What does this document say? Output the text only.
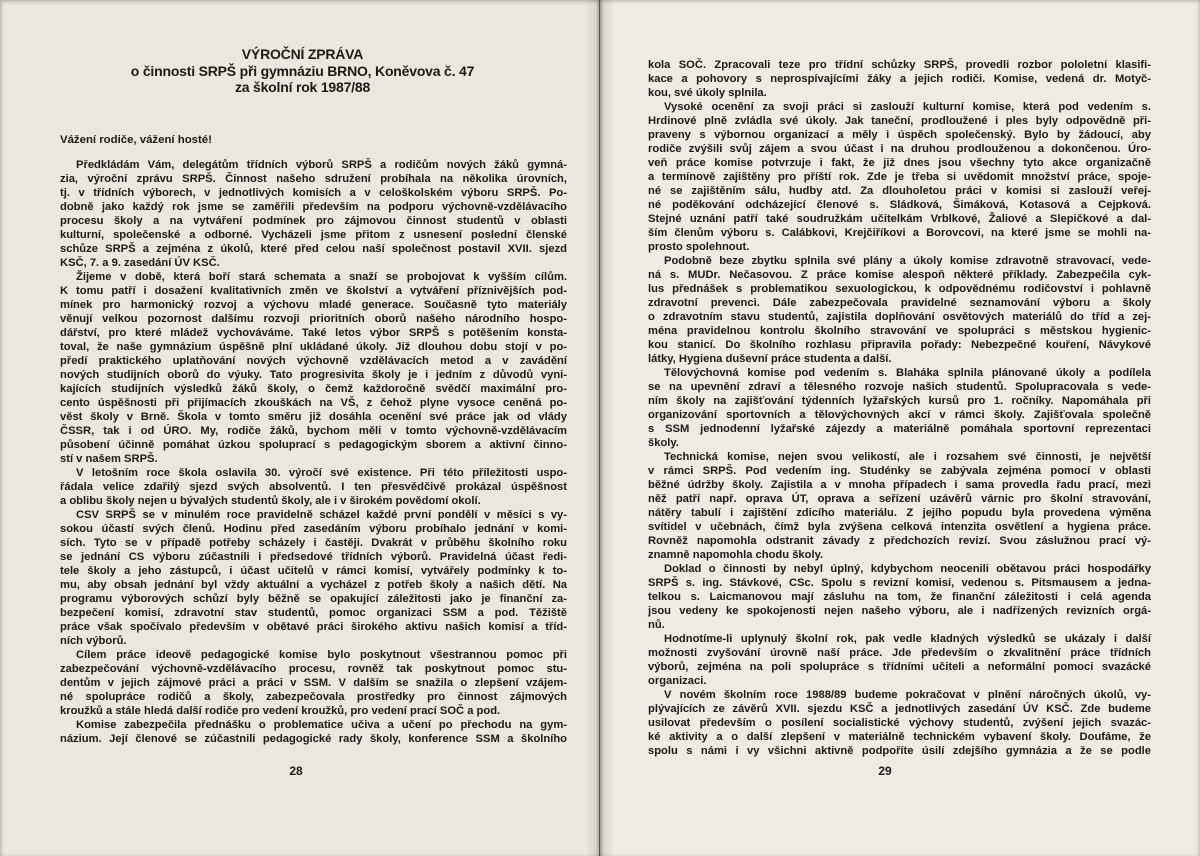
VÝROČNÍ ZPRÁVA
o činnosti SRPŠ při gymnáziu BRNO, Koněvova č. 47
za školní rok 1987/88
Vážení rodiče, vážení hosté!
Předkládám Vám, delegátům třídních výborů SRPŠ a rodičům nových žáků gymná-
zia, výroční zprávu SRPŠ. Činnost našeho sdružení probíhala na několika úrovních,
tj. v třídních výborech, v jednotlivých komisích a v celoškolském výboru SRPŠ. Po-
dobně jako každý rok jsme se zaměřili především na podporu výchovně-vzdělávacího
procesu školy a na vytváření podmínek pro zájmovou činnost studentů v oblasti
kulturní, společenské a odborné. Vycházeli jsme přitom z usnesení poslední členské
schůze SRPŠ a zejména z úkolů, které před celou naší společnost postavil XVII. sjezd
KSČ, 7. a 9. zasedání ÚV KSČ.
Žijeme v době, která boří stará schemata a snaží se probojovat k vyšším cílům.
K tomu patří i dosažení kvalitativních změn ve školství a vytváření příznivějších pod-
mínek pro harmonický rozvoj a výchovu mladé generace. Současně tyto materiály
věnují velkou pozornost dalšímu rozvoji prioritních oborů našeho národního hospo-
dářství, pro které mládež vychováváme. Také letos výbor SRPŠ s potěšením konsta-
toval, že naše gymnázium úspěšně plní ukládané úkoly. Již dlouhou dobu stojí v po-
předí praktického uplatňování nových výchovně vzdělávacích metod a v zavádění
nových studijních oborů do výuky. Tato progresivita školy je i jedním z důvodů vyni-
kajících studijních výsledků žáků školy, o čemž každoročně svědčí maximální pro-
cento úspěšnosti při přijímacích zkouškách na VŠ, z čehož plyne vysoce ceněná po-
věst školy v Brně. Škola v tomto směru již dosáhla ocenění své práce jak od vlády
ČSSR, tak i od ÚRO. My, rodiče žáků, bychom měli v tomto výchovně-vzdělávacím
působení účinně pomáhat úzkou spoluprací s pedagogickým sborem a aktivní činno-
stí v našem SRPŠ.
V letošním roce škola oslavila 30. výročí své existence. Při této příležitosti uspo-
řádala velice zdařilý sjezd svých absolventů. I ten přesvědčivě prokázal úspěšnost
a oblibu školy nejen u bývalých studentů školy, ale i v širokém povědomí okolí.
CSV SRPŠ se v minulém roce pravidelně scházel každé první pondělí v měsíci s vy-
sokou účastí svých členů. Hodinu před zasedáním výboru probíhalo jednání v komi-
sích. Tyto se v případě potřeby scházely i častěji. Dvakrát v průběhu školního roku
se jednání CS výboru zúčastnili i předsedové třídních výborů. Pravidelná účast ředi-
tele školy a jeho zástupců, i účast učitelů v rámci komisí, vytvářely podmínky k to-
mu, aby obsah jednání byl vždy aktuální a vycházel z potřeb školy a našich dětí. Na
programu výborových schůzí byly běžně se opakující záležitosti jako je finanční za-
bezpečení komisí, zdravotní stav studentů, pomoc organizaci SSM a pod. Těžiště
práce však spočívalo především v obětavé práci širokého aktivu našich komisí a tříd-
ních výborů.
Cílem práce ideově pedagogické komise bylo poskytnout všestrannou pomoc při
zabezpečování výchovně-vzdělávacího procesu, rovněž tak poskytnout pomoc stu-
dentům v jejich zájmové práci a práci v SSM. V dalším se snažila o zlepšení vzájem-
né spolupráce rodičů a školy, zabezpečovala prostředky pro činnost zájmových
kroužků a stále hledá další rodiče pro vedení kroužků, pro vedení prací SOČ a pod.
Komise zabezpečila přednášku o problematice učiva a učení po přechodu na gym-
názium. Její členové se zúčastnili pedagogické rady školy, konference SSM a školního
kola SOČ. Zpracovali teze pro třídní schůzky SRPŠ, provedli rozbor pololetní klasifi-
kace a pohovory s neprospívajícími žáky a jejich rodiči. Komise, vedená dr. Motyč-
kou, své úkoly splnila.
Vysoké ocenění za svoji práci si zaslouží kulturní komise, která pod vedením s.
Hrdinové plně zvládla své úkoly. Jak taneční, prodloužené i ples byly odpovědně při-
praveny s výbornou organizací a měly i úspěch společenský. Bylo by žádoucí, aby
rodiče zvýšili svůj zájem a svou účast i na druhou prodlouženou a dokončenou. Úro-
veň práce komise potvrzuje i fakt, že již dnes jsou všechny tyto akce organizačně
a termínově zajištěny pro příští rok. Zde je třeba si uvědomit množství práce, spoje-
né se zajištěním sálu, hudby atd. Za dlouholetou práci v komisi si zaslouží veřej-
né poděkování odcházející členové s. Sládková, Šimáková, Kotasová a Cejpková.
Stejné uznání patří také soudružkám učitelkám Vrblkové, Žaliové a Slepičkové a dal-
ším členům výboru s. Calábkovi, Krejčiříkovi a Borovcovi, na které jsme se mohli na-
prosto spolehnout.
Podobně beze zbytku splnila své plány a úkoly komise zdravotně stravovací, vede-
ná s. MUDr. Nečasovou. Z práce komise alespoň některé příklady. Zabezpečila cyk-
lus přednášek s problematikou sexuologickou, k odpovědnému rodičovství i pohlavně
zdravotní prevenci. Dále zabezpečovala pravidelné seznamování výboru a školy
o zdravotním stavu studentů, zajistila doplňování osvětových materiálů do tříd a zej-
ména pravidelnou kontrolu školního stravování ve spolupráci s městskou hygienic-
kou stanicí. Do školního rozhlasu připravila pořady: Nebezpečné kouření, Návykové
látky, Hygiena duševní práce studenta a další.
Tělovýchovná komise pod vedením s. Blaháka splnila plánované úkoly a podílela
se na upevnění zdraví a tělesného rozvoje našich studentů. Spolupracovala s vede-
ním školy na zajišťování týdenních lyžařských kursů pro 1. ročníky. Napomáhala při
organizování sportovních a tělovýchovných akcí v rámci školy. Zajišťovala společně
s SSM jednodenní lyžařské zájezdy a materiálně pomáhala sportovní reprezentaci
školy.
Technická komise, nejen svou velikostí, ale i rozsahem své činnosti, je největší
v rámci SRPŠ. Pod vedením ing. Studénky se zabývala zejména pomocí v oblasti
běžné údržby školy. Zajistila a v mnoha případech i sama provedla řadu prací, mezi
něž patří např. oprava ÚT, oprava a seřízení uzávěrů várnic pro školní stravování,
nátěry tabulí i zajištění zdicího materiálu. Z jejího popudu byla provedena výměna
svítidel v učebnách, čímž byla zvýšena celková intenzita osvětlení a hygiena práce.
Rovněž napomohla odstranit závady z předchozích revizí. Svou záslužnou prací vý-
znamně napomohla chodu školy.
Doklad o činnosti by nebyl úplný, kdybychom neocenili obětavou práci hospodářky
SRPŠ s. ing. Stávkové, CSc. Spolu s revizní komisí, vedenou s. Pitsmausem a jedna-
telkou s. Laicmanovou mají zásluhu na tom, že finanční záležitosti i celá agenda
jsou vedeny ke spokojenosti nejen našeho výboru, ale i nadřízených revizních orgá-
nů.
Hodnotíme-li uplynulý školní rok, pak vedle kladných výsledků se ukázaly i další
možnosti zvyšování úrovně naší práce. Jde především o zkvalitnění práce třídních
výborů, zejména na poli spolupráce s třídními učiteli a neformální pomoci svazácké
organizaci.
V novém školním roce 1988/89 budeme pokračovat v plnění náročných úkolů, vy-
plývajících ze závěrů XVII. sjezdu KSČ a jednotlivých zasedání ÚV KSČ. Zde budeme
usilovat především o posílení socialistické výchovy studentů, zvýšení jejich svazác-
ké aktivity a o další zlepšení v materiálně technickém vybavení školy. Doufáme, že
spolu s námi i vy všichni aktivně podpoříte úsilí zdejšího gymnázia a že se podle
28	29
